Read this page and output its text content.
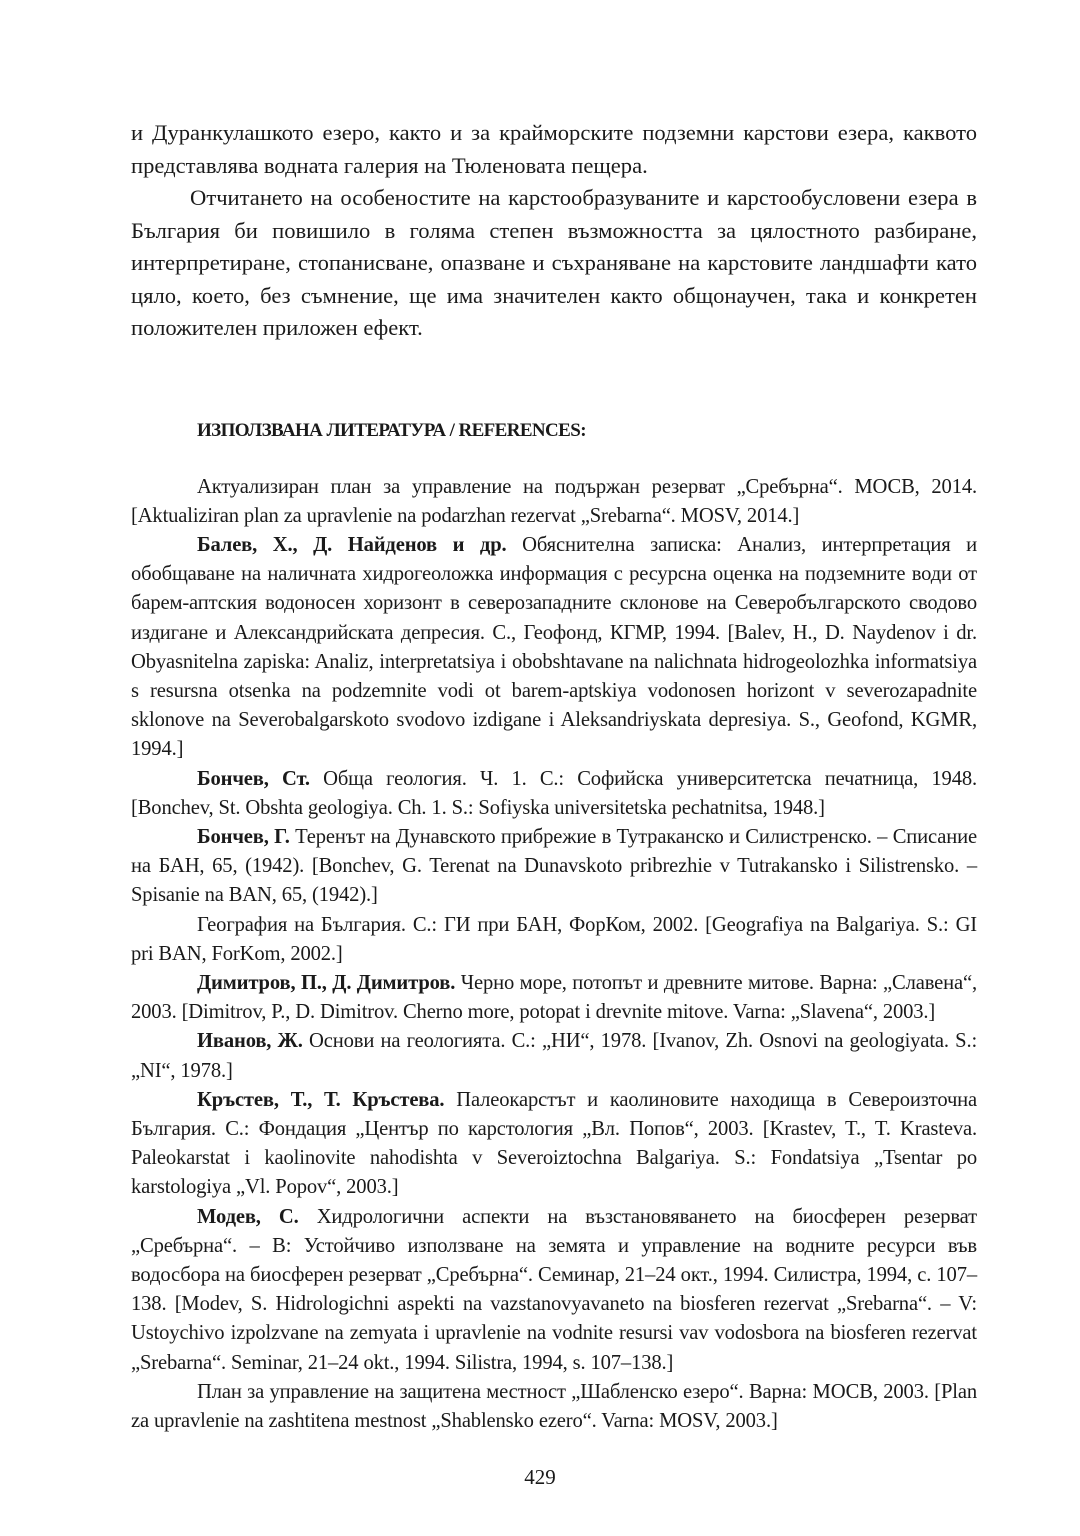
и Дуранкулашкото езеро, както и за крайморските подземни карстови езера, каквото представлява водната галерия на Тюленовата пещера.

Отчитането на особеностите на карстообразуваните и карстообусловени езера в България би повишило в голяма степен възможността за цялостното разбиране, интерпретиране, стопанисване, опазване и съхраняване на карстовите ландшафти като цяло, което, без съмнение, ще има значителен както общонаучен, така и конкретен положителен приложен ефект.

ИЗПОЛЗВАНА ЛИТЕРАТУРА / REFERENCES:

Актуализиран план за управление на подържан резерват „Сребърна“. МОСВ, 2014. [Aktualiziran plan za upravlenie na podarzhan rezervat „Srebarna“. MOSV, 2014.]

Балев, Х., Д. Найденов и др. Обяснителна записка: Анализ, интерпретация и обобщаване на наличната хидрогеоложка информация с ресурсна оценка на подземните води от барем-аптския водоносен хоризонт в северозападните склонове на Северобългарското сводово издигане и Александрийската депресия. С., Геофонд, КГМР, 1994. [Balev, H., D. Naydenov i dr. Obyasnitelna zapiska: Analiz, interpretatsiya i obobshtavane na nalichnata hidrogeolozhka informatsiya s resursna otsenka na podzemnite vodi ot barem-aptskiya vodonosen horizont v severozapadnite sklonove na Severobalgarskoto svodovo izdigane i Aleksandriyskata depresiya. S., Geofond, KGMR, 1994.]

Бончев, Ст. Обща геология. Ч. 1. С.: Софийска университетска печатница, 1948. [Bonchev, St. Obshta geologiya. Ch. 1. S.: Sofiyska universitetska pechatnitsa, 1948.]

Бончев, Г. Теренът на Дунавското прибрежие в Тутраканско и Силистренско. – Списание на БАН, 65, (1942). [Bonchev, G. Terenat na Dunavskoto pribrezhie v Tutrakansko i Silistrensko. – Spisanie na BAN, 65, (1942).]

География на България. С.: ГИ при БАН, ФорКом, 2002. [Geografiya na Balgariya. S.: GI pri BAN, ForKom, 2002.]

Димитров, П., Д. Димитров. Черно море, потопът и древните митове. Варна: „Славена“, 2003. [Dimitrov, P., D. Dimitrov. Cherno more, potopat i drevnite mitove. Varna: „Slavena“, 2003.]

Иванов, Ж. Основи на геологията. С.: „НИ“, 1978. [Ivanov, Zh. Osnovi na geologiyata. S.: „NI“, 1978.]

Кръстев, Т., Т. Кръстева. Палеокарстът и каолиновите находища в Североизточна България. С.: Фондация „Център по карстология „Вл. Попов“, 2003. [Krastev, T., T. Krasteva. Paleokarstat i kaolinovite nahodishta v Severoiztochna Balgariya. S.: Fondatsiya „Tsentar po karstologiya „Vl. Popov“, 2003.]

Модев, С. Хидрологични аспекти на възстановяването на биосферен резерват „Сребърна“. – В: Устойчиво използване на земята и управление на водните ресурси във водосбора на биосферен резерват „Сребърна“. Семинар, 21–24 окт., 1994. Силистра, 1994, с. 107–138. [Modev, S. Hidrologichni aspekti na vazstanovyavaneto na biosferen rezervat „Srebarna“. – V: Ustoychivo izpolzvane na zemyata i upravlenie na vodnite resursi vav vodosbora na biosferen rezervat „Srebarna“. Seminar, 21–24 okt., 1994. Silistra, 1994, s. 107–138.]

План за управление на защитена местност „Шабленско езеро“. Варна: МОСВ, 2003. [Plan za upravlenie na zashtitena mestnost „Shablensko ezero“. Varna: MOSV, 2003.]

429
